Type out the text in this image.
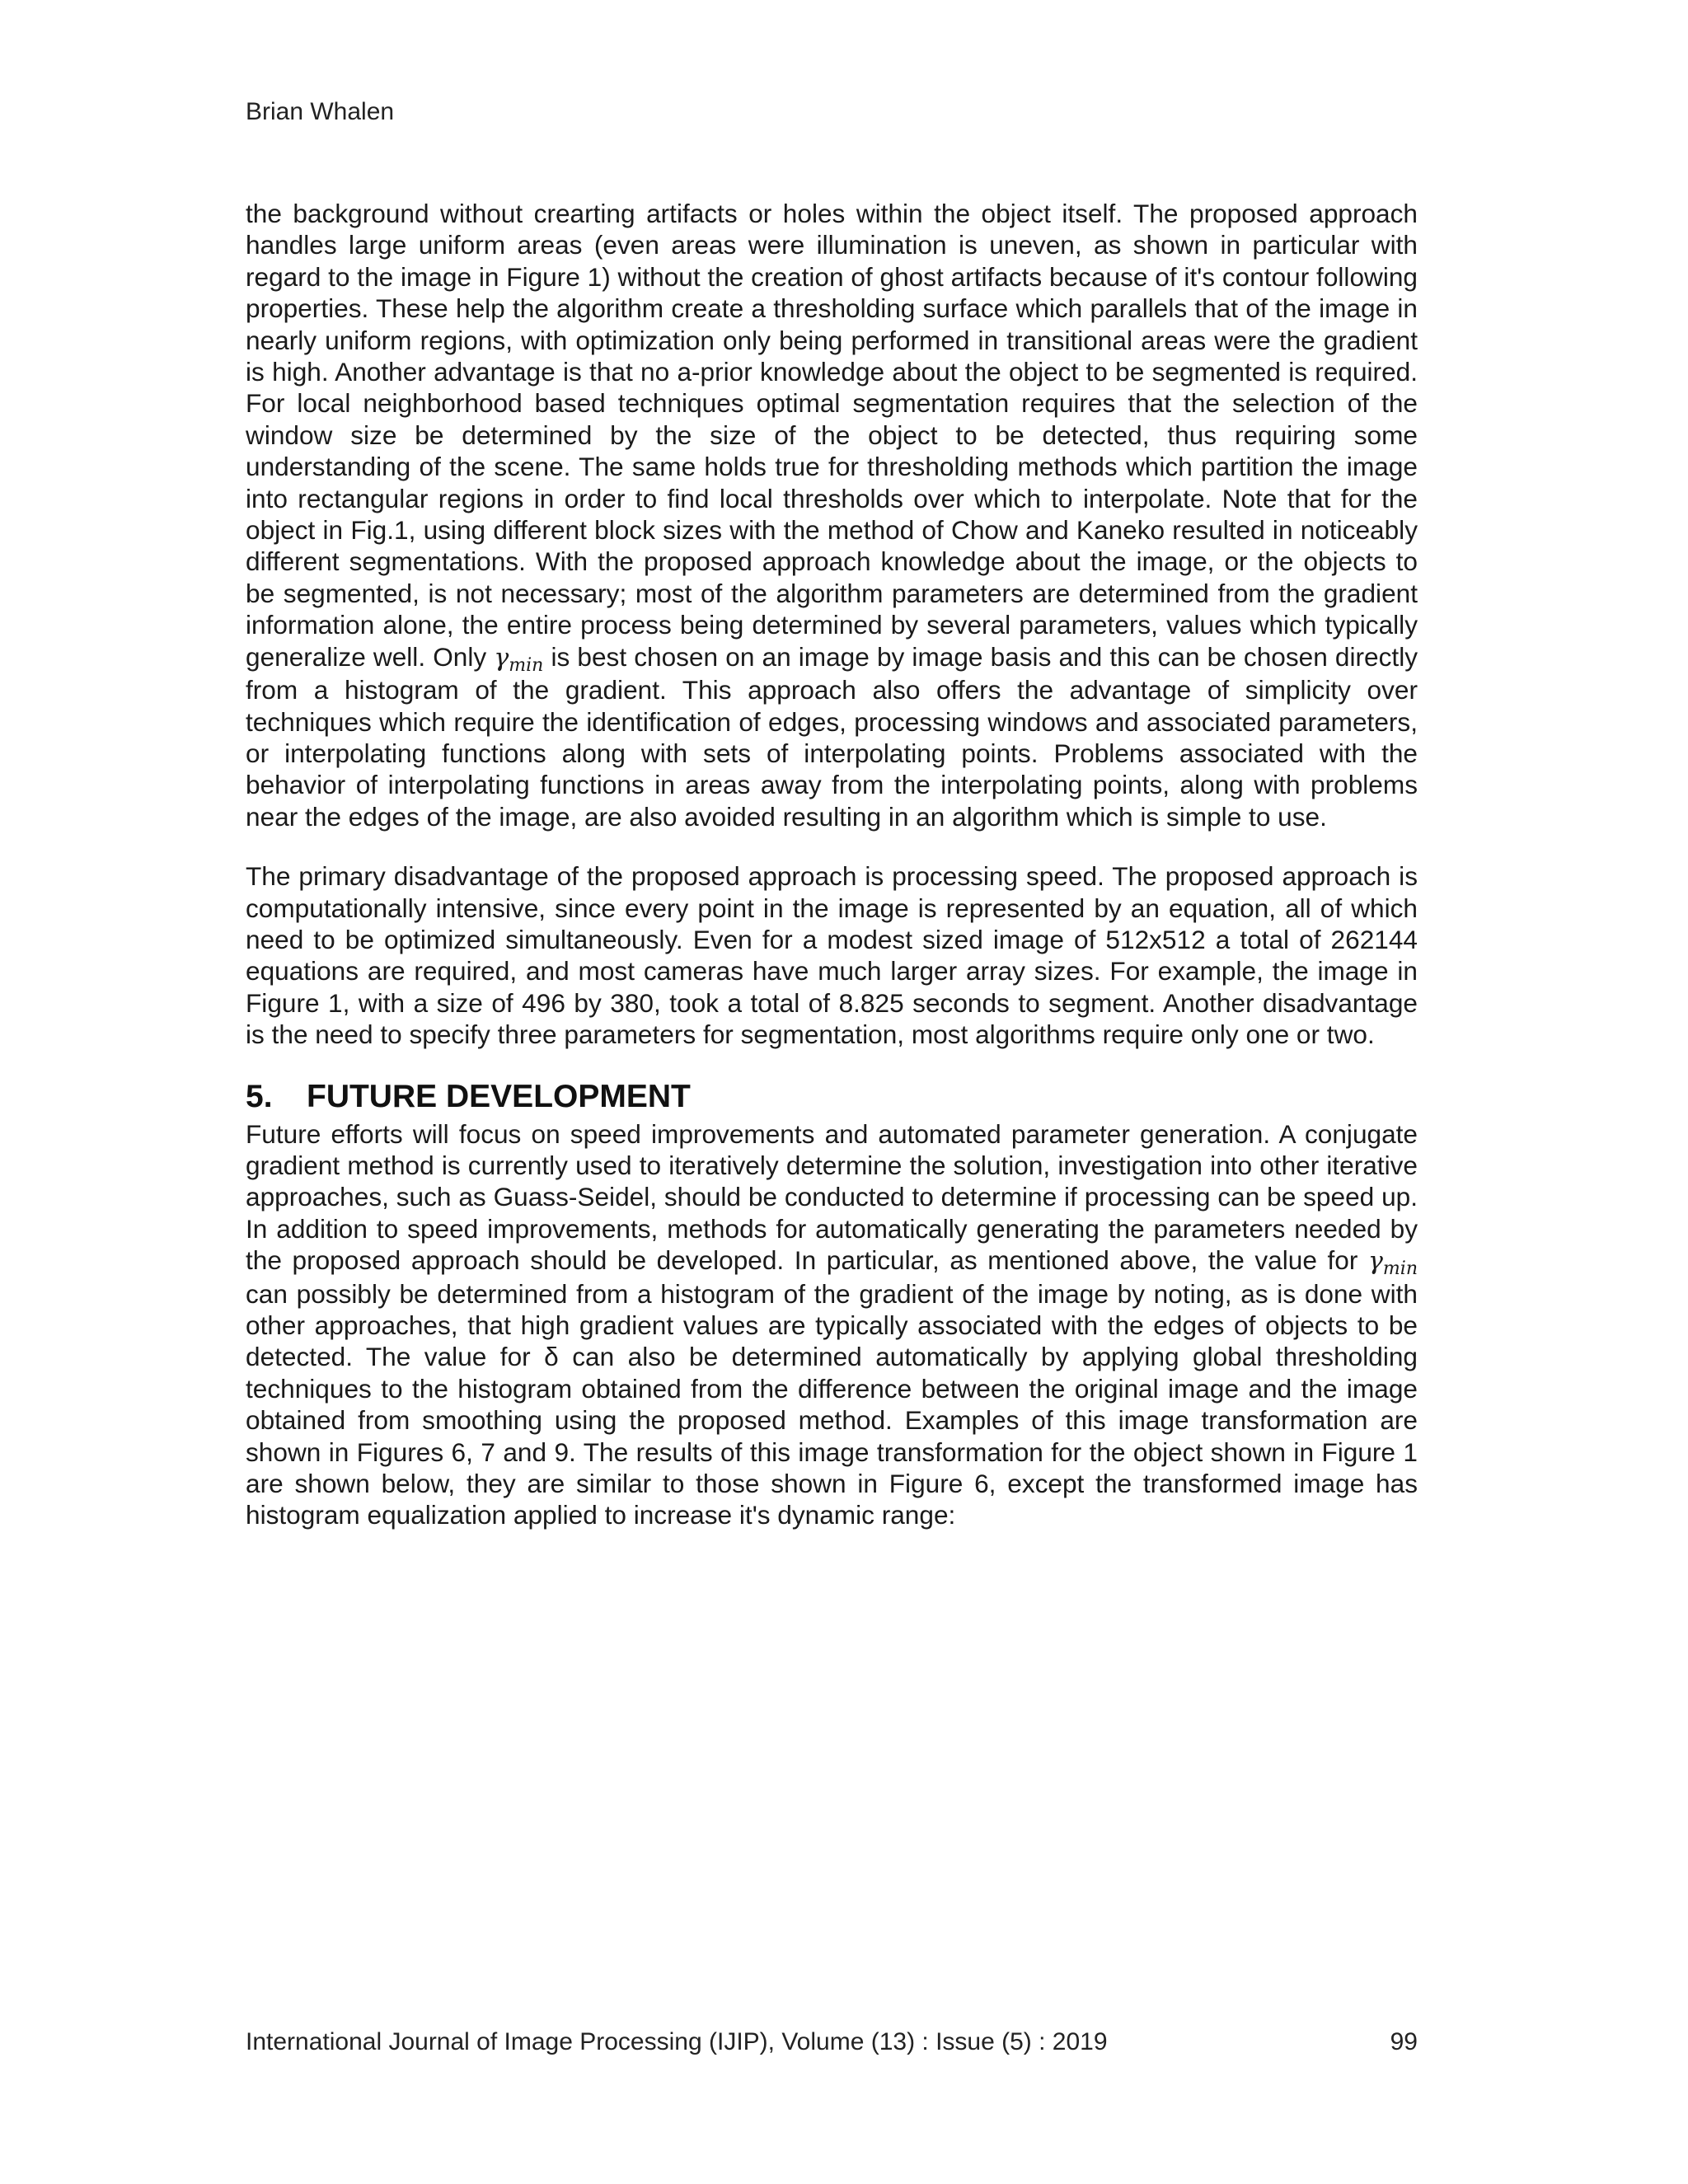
Brian Whalen

the background without crearting artifacts or holes within the object itself. The proposed approach handles large uniform areas (even areas were illumination is uneven, as shown in particular with regard to the image in Figure 1) without the creation of ghost artifacts because of it's contour following properties. These help the algorithm create a thresholding surface which parallels that of the image in nearly uniform regions, with optimization only being performed in transitional areas were the gradient is high. Another advantage is that no a-prior knowledge about the object to be segmented is required. For local neighborhood based techniques optimal segmentation requires that the selection of the window size be determined by the size of the object to be detected, thus requiring some understanding of the scene. The same holds true for thresholding methods which partition the image into rectangular regions in order to find local thresholds over which to interpolate. Note that for the object in Fig.1, using different block sizes with the method of Chow and Kaneko resulted in noticeably different segmentations. With the proposed approach knowledge about the image, or the objects to be segmented, is not necessary; most of the algorithm parameters are determined from the gradient information alone, the entire process being determined by several parameters, values which typically generalize well. Only $\gamma_{min}$ is best chosen on an image by image basis and this can be chosen directly from a histogram of the gradient. This approach also offers the advantage of simplicity over techniques which require the identification of edges, processing windows and associated parameters, or interpolating functions along with sets of interpolating points. Problems associated with the behavior of interpolating functions in areas away from the interpolating points, along with problems near the edges of the image, are also avoided resulting in an algorithm which is simple to use.

The primary disadvantage of the proposed approach is processing speed. The proposed approach is computationally intensive, since every point in the image is represented by an equation, all of which need to be optimized simultaneously. Even for a modest sized image of 512x512 a total of 262144 equations are required, and most cameras have much larger array sizes. For example, the image in Figure 1, with a size of 496 by 380, took a total of 8.825 seconds to segment. Another disadvantage is the need to specify three parameters for segmentation, most algorithms require only one or two.

5. FUTURE DEVELOPMENT

Future efforts will focus on speed improvements and automated parameter generation. A conjugate gradient method is currently used to iteratively determine the solution, investigation into other iterative approaches, such as Guass-Seidel, should be conducted to determine if processing can be speed up. In addition to speed improvements, methods for automatically generating the parameters needed by the proposed approach should be developed. In particular, as mentioned above, the value for $\gamma_{min}$ can possibly be determined from a histogram of the gradient of the image by noting, as is done with other approaches, that high gradient values are typically associated with the edges of objects to be detected. The value for δ can also be determined automatically by applying global thresholding techniques to the histogram obtained from the difference between the original image and the image obtained from smoothing using the proposed method. Examples of this image transformation are shown in Figures 6, 7 and 9. The results of this image transformation for the object shown in Figure 1 are shown below, they are similar to those shown in Figure 6, except the transformed image has histogram equalization applied to increase it's dynamic range:

International Journal of Image Processing (IJIP), Volume (13) : Issue (5) : 2019	99
